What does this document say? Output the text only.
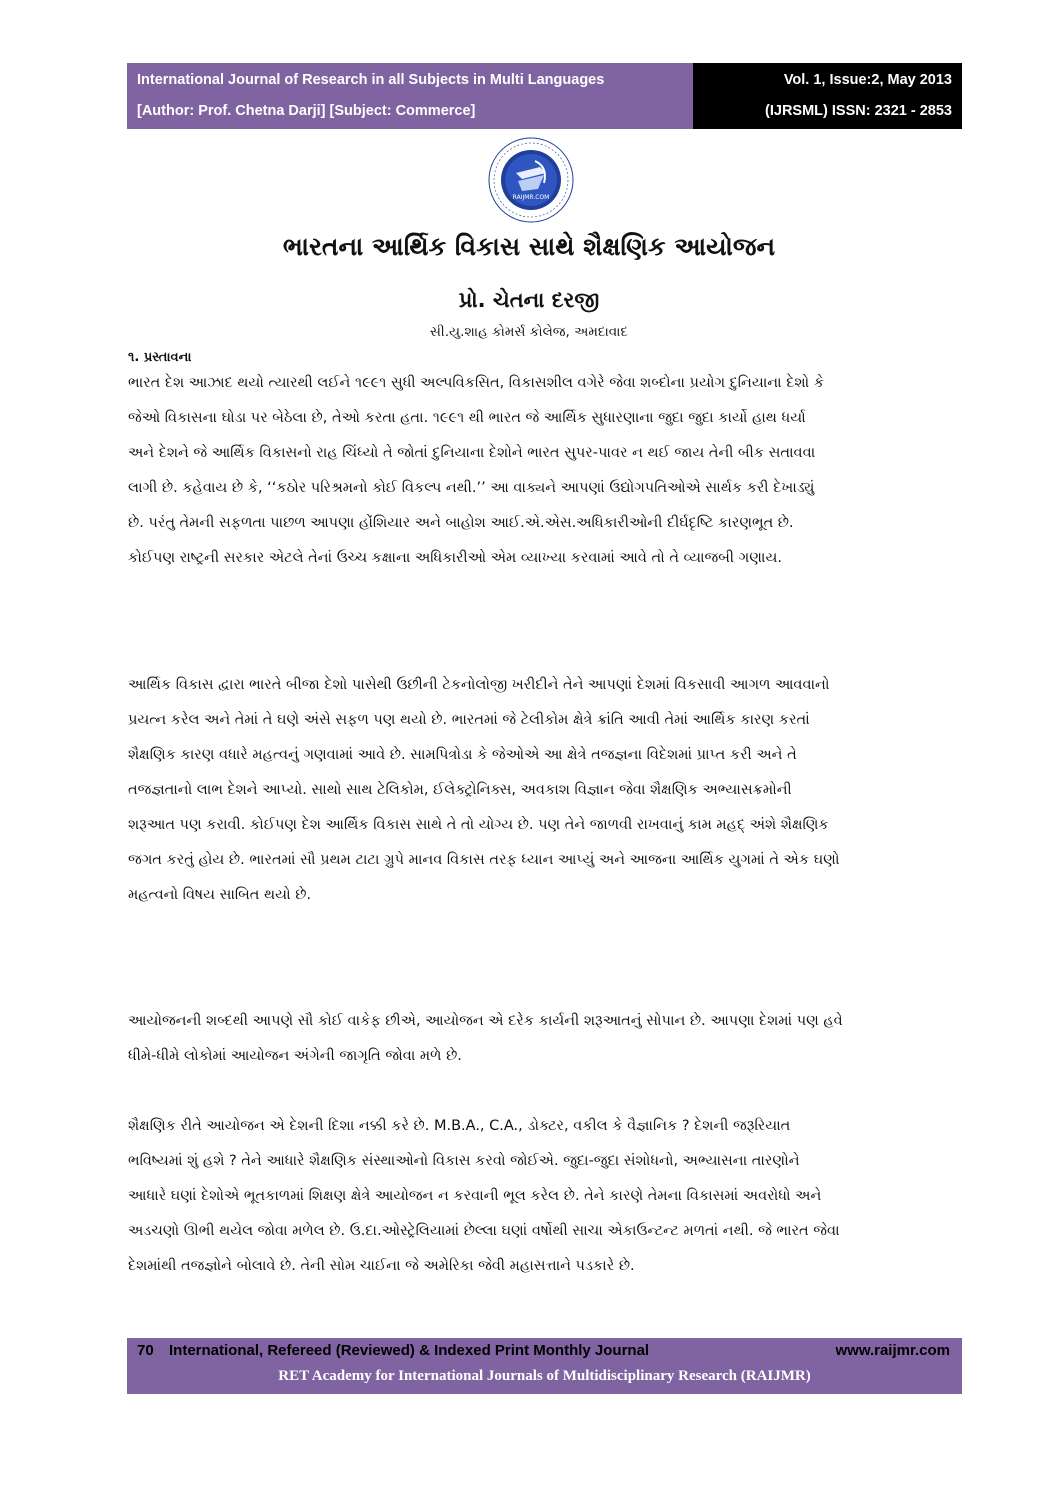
International Journal of Research in all Subjects in Multi Languages
[Author: Prof. Chetna Darji] [Subject: Commerce]
Vol. 1, Issue:2, May 2013
(IJRSML) ISSN: 2321 - 2853
RAIJMR.COM
ભારતના આર્થિક વિકાસ સાથે શૈક્ષણિક આયોજન
પ્રો. ચેતના દરજી
સી.યુ.શાહ કોમર્સ કોલેજ, અમદાવાદ
૧. પ્રસ્તાવના
ભારત દેશ આઝાદ થયો ત્યારથી લઈને ૧૯૯૧ સુધી અલ્પવિકસિત, વિકાસશીલ વગેરે જેવા શબ્દોના પ્રયોગ દુનિયાના દેશો કે
જેઓ વિકાસના ઘોડા પર બેઠેલા છે, તેઓ કરતા હતા. ૧૯૯૧ થી ભારત જે આર્થિક સુધારણાના જુદા જુદા કાર્યો હાથ ધર્યા
અને દેશને જે આર્થિક વિકાસનો રાહ ચિંધ્યો તે જોતાં દુનિયાના દેશોને ભારત સુપર-પાવર ન થઈ જાય તેની બીક સતાવવા
લાગી છે. કહેવાય છે કે, ‘‘કઠોર પરિશ્રમનો કોઈ વિકલ્પ નથી.’’ આ વાક્યને આપણાં ઉદ્યોગપતિઓએ સાર્થક કરી દેખાડ્યું
છે. પરંતુ તેમની સફળતા પાછળ આપણા હોંશિયાર અને બાહોશ આઈ.એ.એસ.અધિકારીઓની દીર્ઘદૃષ્ટિ કારણભૂત છે.
કોઈપણ રાષ્ટ્રની સરકાર એટલે તેનાં ઉચ્ચ કક્ષાના અધિકારીઓ એમ વ્યાખ્યા કરવામાં આવે તો તે વ્યાજબી ગણાય.
આર્થિક વિકાસ દ્વારા ભારતે બીજા દેશો પાસેથી ઉછીની ટેકનોલોજી ખરીદીને તેને આપણાં દેશમાં વિકસાવી આગળ આવવાનો
પ્રયત્ન કરેલ અને તેમાં તે ઘણે અંસે સફળ પણ થયો છે. ભારતમાં જે ટેલીકોમ ક્ષેત્રે ક્રાંતિ આવી તેમાં આર્થિક કારણ કરતાં
શૈક્ષણિક કારણ વધારે મહત્વનું ગણવામાં આવે છે. સામપિત્રોડા કે જેઓએ આ ક્ષેત્રે તજજ્ઞના વિદેશમાં પ્રાપ્ત કરી અને તે
તજજ્ઞતાનો લાભ દેશને આપ્યો. સાથો સાથ ટેલિકોમ, ઈલેક્ટ્રોનિક્સ, અવકાશ વિજ્ઞાન જેવા શૈક્ષણિક અભ્યાસક્રમોની
શરૂઆત પણ કરાવી. કોઈપણ દેશ આર્થિક વિકાસ સાથે તે તો યોગ્ય છે. પણ તેને જાળવી રાખવાનું કામ મહદ્ અંશે શૈક્ષણિક
જગત કરતું હોય છે. ભારતમાં સૌ પ્રથમ ટાટા ગ્રુપે માનવ વિકાસ તરફ ધ્યાન આપ્યું અને આજના આર્થિક યુગમાં તે એક ઘણો
મહત્વનો વિષય સાબિત થયો છે.
આયોજનની શબ્દથી આપણે સૌ કોઈ વાકેફ છીએ, આયોજન એ દરેક કાર્યની શરૂઆતનું સોપાન છે. આપણા દેશમાં પણ હવે
ધીમે-ધીમે લોકોમાં આયોજન અંગેની જાગૃતિ જોવા મળે છે.
શૈક્ષણિક રીતે આયોજન એ દેશની દિશા નક્કી કરે છે. M.B.A., C.A., ડોક્ટર, વકીલ કે વૈજ્ઞાનિક ? દેશની જરૂરિયાત
ભવિષ્યમાં શું હશે ? તેને આધારે શૈક્ષણિક સંસ્થાઓનો વિકાસ કરવો જોઈએ. જુદા-જુદા સંશોધનો, અભ્યાસના તારણોને
આધારે ઘણાં દેશોએ ભૂતકાળમાં શિક્ષણ ક્ષેત્રે આયોજન ન કરવાની ભૂલ કરેલ છે. તેને કારણે તેમના વિકાસમાં અવરોધો અને
અડચણો ઊભી થયેલ જોવા મળેલ છે. ઉ.દા.ઓસ્ટ્રેલિયામાં છેલ્લા ઘણાં વર્ષોથી સાચા એકાઉન્ટન્ટ મળતાં નથી. જે ભારત જેવા
દેશમાંથી તજજ્ઞોને બોલાવે છે. તેની સોમ ચાઈના જે અમેરિકા જેવી મહાસત્તાને પડકારે છે.
70 International, Refereed (Reviewed) & Indexed Print Monthly Journal	www.raijmr.com
RET Academy for International Journals of Multidisciplinary Research (RAIJMR)
